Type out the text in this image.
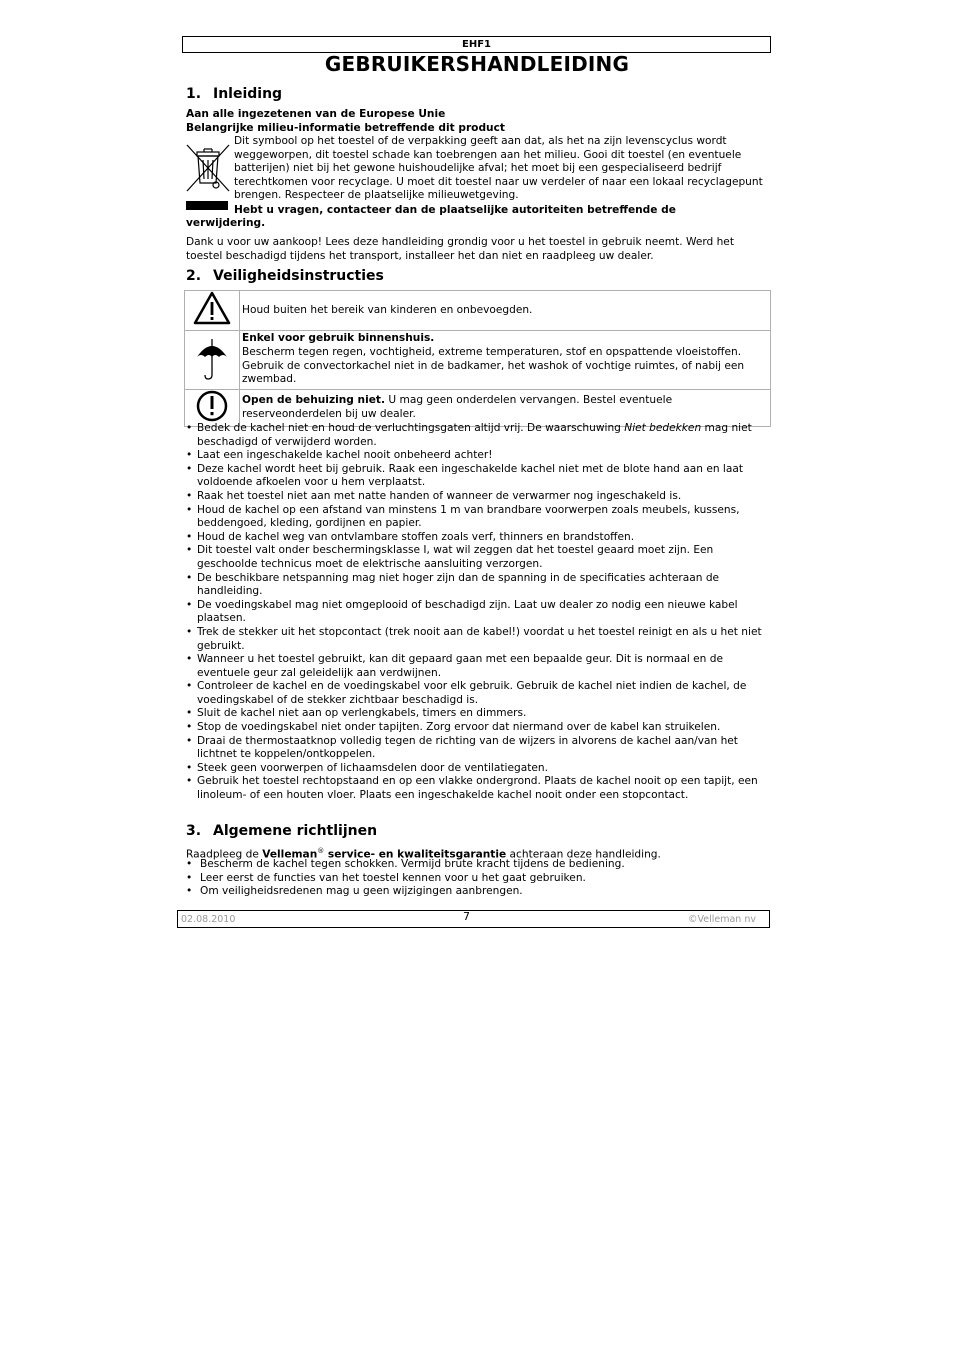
EHF1
GEBRUIKERSHANDLEIDING
1. Inleiding
Aan alle ingezetenen van de Europese Unie
Belangrijke milieu-informatie betreffende dit product
Dit symbool op het toestel of de verpakking geeft aan dat, als het na zijn levenscyclus wordt weggeworpen, dit toestel schade kan toebrengen aan het milieu. Gooi dit toestel (en eventuele batterijen) niet bij het gewone huishoudelijke afval; het moet bij een gespecialiseerd bedrijf terechtkomen voor recyclage. U moet dit toestel naar uw verdeler of naar een lokaal recyclagepunt brengen. Respecteer de plaatselijke milieuwetgeving.
Hebt u vragen, contacteer dan de plaatselijke autoriteiten betreffende de
verwijdering.
Dank u voor uw aankoop! Lees deze handleiding grondig voor u het toestel in gebruik neemt. Werd het toestel beschadigd tijdens het transport, installeer het dan niet en raadpleeg uw dealer.
2. Veiligheidsinstructies
	Houd buiten het bereik van kinderen en onbevoegden.

Enkel voor gebruik binnenshuis.
Bescherm tegen regen, vochtigheid, extreme temperaturen, stof en opspattende vloeistoffen. Gebruik de convectorkachel niet in de badkamer, het washok of vochtige ruimtes, of nabij een zwembad.

	Open de behuizing niet. U mag geen onderdelen vervangen. Bestel eventuele reserveonderdelen bij uw dealer.
• Bedek de kachel niet en houd de verluchtingsgaten altijd vrij. De waarschuwing Niet bedekken mag niet beschadigd of verwijderd worden.
• Laat een ingeschakelde kachel nooit onbeheerd achter!
• Deze kachel wordt heet bij gebruik. Raak een ingeschakelde kachel niet met de blote hand aan en laat voldoende afkoelen voor u hem verplaatst.
• Raak het toestel niet aan met natte handen of wanneer de verwarmer nog ingeschakeld is.
• Houd de kachel op een afstand van minstens 1 m van brandbare voorwerpen zoals meubels, kussens, beddengoed, kleding, gordijnen en papier.
• Houd de kachel weg van ontvlambare stoffen zoals verf, thinners en brandstoffen.
• Dit toestel valt onder beschermingsklasse I, wat wil zeggen dat het toestel geaard moet zijn. Een geschoolde technicus moet de elektrische aansluiting verzorgen.
• De beschikbare netspanning mag niet hoger zijn dan de spanning in de specificaties achteraan de handleiding.
• De voedingskabel mag niet omgeplooid of beschadigd zijn. Laat uw dealer zo nodig een nieuwe kabel plaatsen.
• Trek de stekker uit het stopcontact (trek nooit aan de kabel!) voordat u het toestel reinigt en als u het niet gebruikt.
• Wanneer u het toestel gebruikt, kan dit gepaard gaan met een bepaalde geur. Dit is normaal en de eventuele geur zal geleidelijk aan verdwijnen.
• Controleer de kachel en de voedingskabel voor elk gebruik. Gebruik de kachel niet indien de kachel, de voedingskabel of de stekker zichtbaar beschadigd is.
• Sluit de kachel niet aan op verlengkabels, timers en dimmers.
• Stop de voedingskabel niet onder tapijten. Zorg ervoor dat niermand over de kabel kan struikelen.
• Draai de thermostaatknop volledig tegen de richting van de wijzers in alvorens de kachel aan/van het lichtnet te koppelen/ontkoppelen.
• Steek geen voorwerpen of lichaamsdelen door de ventilatiegaten.
• Gebruik het toestel rechtopstaand en op een vlakke ondergrond. Plaats de kachel nooit op een tapijt, een linoleum- of een houten vloer. Plaats een ingeschakelde kachel nooit onder een stopcontact.
3. Algemene richtlijnen
Raadpleeg de Velleman® service- en kwaliteitsgarantie achteraan deze handleiding.
• Bescherm de kachel tegen schokken. Vermijd brute kracht tijdens de bediening.
• Leer eerst de functies van het toestel kennen voor u het gaat gebruiken.
• Om veiligheidsredenen mag u geen wijzigingen aanbrengen.
02.08.2010	7	©Velleman nv
